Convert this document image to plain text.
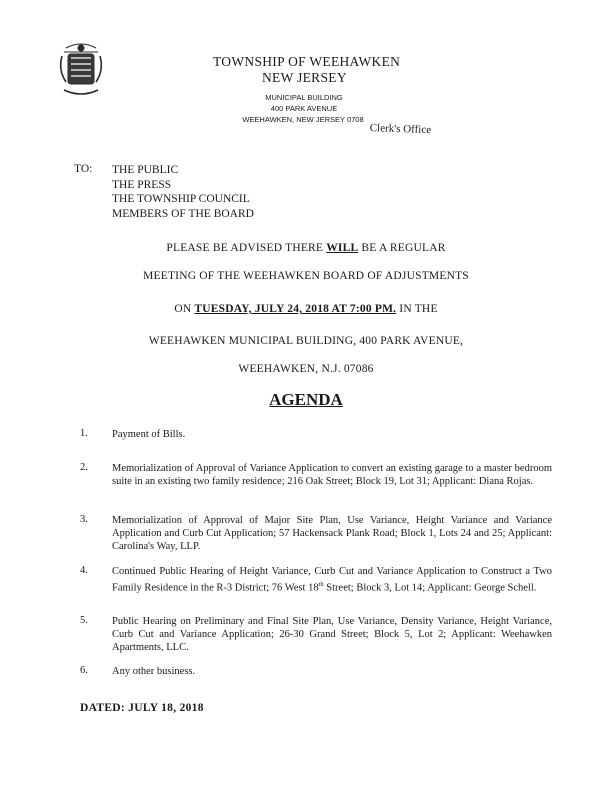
TOWNSHIP OF WEEHAWKEN
NEW JERSEY
MUNICIPAL BUILDING
400 PARK AVENUE
WEEHAWKEN, NEW JERSEY 0708
Clerk's Office
TO: THE PUBLIC
THE PRESS
THE TOWNSHIP COUNCIL
MEMBERS OF THE BOARD
PLEASE BE ADVISED THERE WILL BE A REGULAR
MEETING OF THE WEEHAWKEN BOARD OF ADJUSTMENTS
ON TUESDAY, JULY 24, 2018 AT 7:00 PM. IN THE
WEEHAWKEN MUNICIPAL BUILDING, 400 PARK AVENUE,
WEEHAWKEN, N.J. 07086
AGENDA
1. Payment of Bills.
2. Memorialization of Approval of Variance Application to convert an existing garage to a master bedroom suite in an existing two family residence; 216 Oak Street; Block 19, Lot 31; Applicant: Diana Rojas.
3. Memorialization of Approval of Major Site Plan, Use Variance, Height Variance and Variance Application and Curb Cut Application; 57 Hackensack Plank Road; Block 1, Lots 24 and 25; Applicant: Carolina's Way, LLP.
4. Continued Public Hearing of Height Variance, Curb Cut and Variance Application to Construct a Two Family Residence in the R-3 District; 76 West 18th Street; Block 3, Lot 14; Applicant: George Schell.
5. Public Hearing on Preliminary and Final Site Plan, Use Variance, Density Variance, Height Variance, Curb Cut and Variance Application; 26-30 Grand Street; Block 5, Lot 2; Applicant: Weehawken Apartments, LLC.
6. Any other business.
DATED: JULY 18, 2018
